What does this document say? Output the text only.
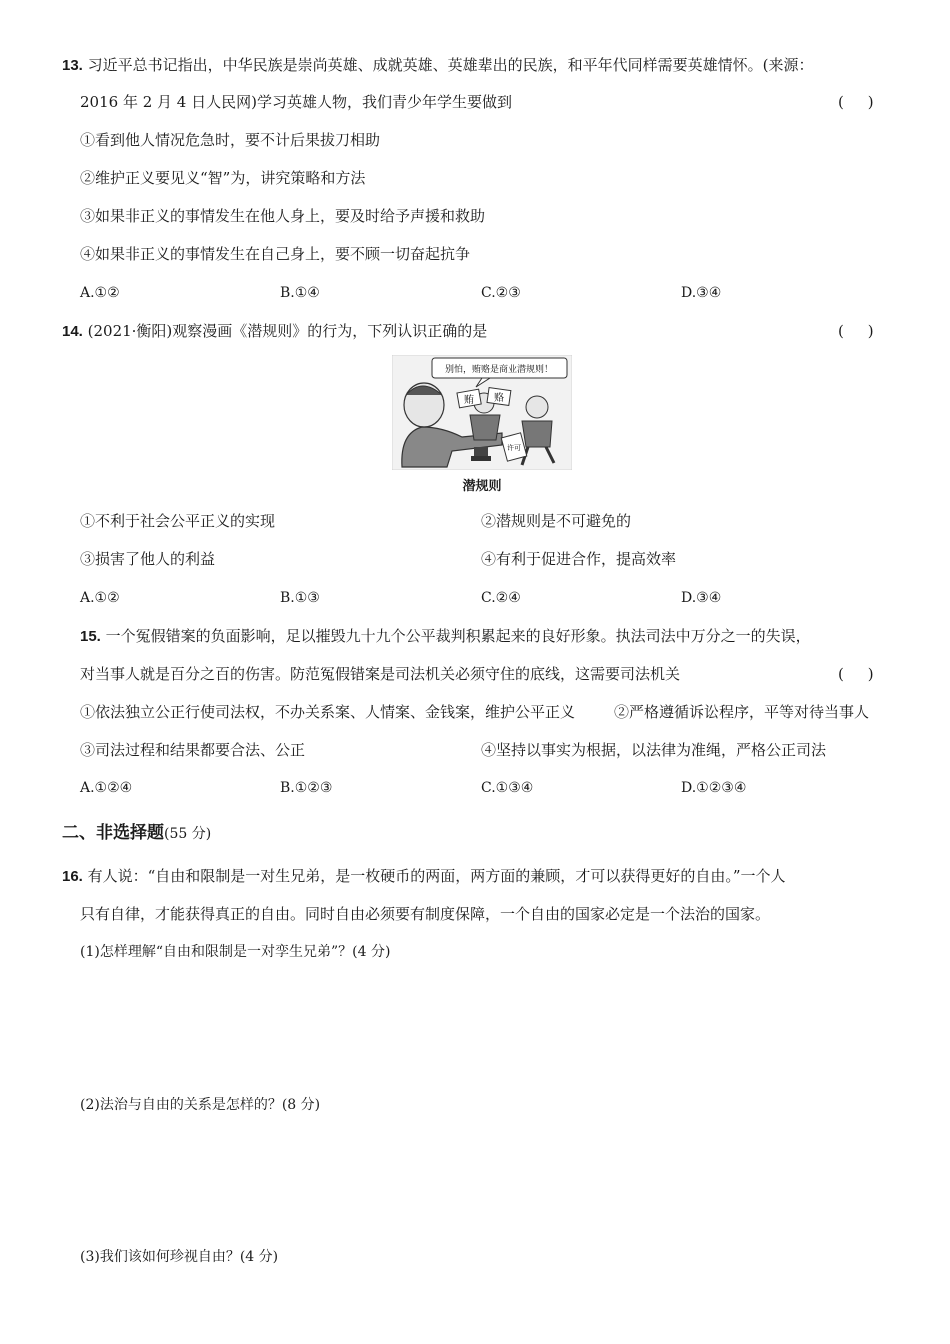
13. 习近平总书记指出，中华民族是崇尚英雄、成就英雄、英雄辈出的民族，和平年代同样需要英雄情怀。(来源：
2016 年 2 月 4 日人民网)学习英雄人物，我们青少年学生要做到	(     )
①看到他人情况危急时，要不计后果拔刀相助
②维护正义要见义“智”为，讲究策略和方法
③如果非正义的事情发生在他人身上，要及时给予声援和救助
④如果非正义的事情发生在自己身上，要不顾一切奋起抗争
A.①②	B.①④	C.②③	D.③④
14. (2021·衡阳)观察漫画《潜规则》的行为，下列认识正确的是	(     )
别怕，贿赂是商业潜规则！
贿 赂
许可
潜规则
①不利于社会公平正义的实现	②潜规则是不可避免的
③损害了他人的利益	④有利于促进合作，提高效率
A.①②	B.①③	C.②④	D.③④
15. 一个冤假错案的负面影响，足以摧毁九十九个公平裁判积累起来的良好形象。执法司法中万分之一的失误，
对当事人就是百分之百的伤害。防范冤假错案是司法机关必须守住的底线，这需要司法机关	(     )
①依法独立公正行使司法权，不办关系案、人情案、金钱案，维护公平正义	②严格遵循诉讼程序，平等对待当事人
③司法过程和结果都要合法、公正	④坚持以事实为根据，以法律为准绳，严格公正司法
A.①②④	B.①②③	C.①③④	D.①②③④
二、非选择题(55 分)
16. 有人说：“自由和限制是一对生兄弟，是一枚硬币的两面，两方面的兼顾，才可以获得更好的自由。”一个人
只有自律，才能获得真正的自由。同时自由必须要有制度保障，一个自由的国家必定是一个法治的国家。
(1)怎样理解“自由和限制是一对孪生兄弟”？(4 分)
(2)法治与自由的关系是怎样的？(8 分)
(3)我们该如何珍视自由？(4 分)
